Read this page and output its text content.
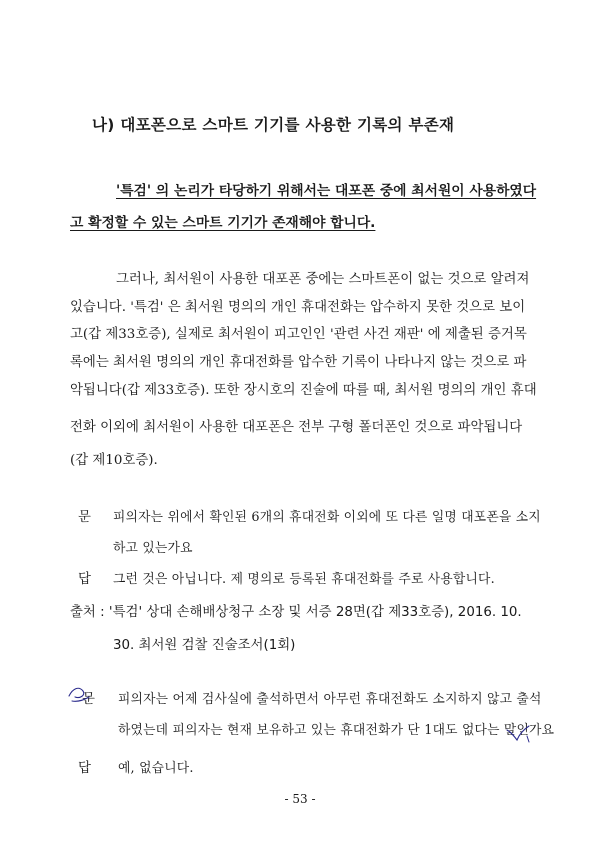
나) 대포폰으로 스마트 기기를 사용한 기록의 부존재
'특검' 의 논리가 타당하기 위해서는 대포폰 중에 최서원이 사용하였다
고 확정할 수 있는 스마트 기기가 존재해야 합니다.
그러나, 최서원이 사용한 대포폰 중에는 스마트폰이 없는 것으로 알려져
있습니다. '특검' 은 최서원 명의의 개인 휴대전화는 압수하지 못한 것으로 보이
고(갑 제33호증), 실제로 최서원이 피고인인 '관련 사건 재판' 에 제출된 증거목
록에는 최서원 명의의 개인 휴대전화를 압수한 기록이 나타나지 않는 것으로 파
악됩니다(갑 제33호증). 또한 장시호의 진술에 따를 때, 최서원 명의의 개인 휴대
전화 이외에 최서원이 사용한 대포폰은 전부 구형 폴더폰인 것으로 파악됩니다
(갑 제10호증).
문 피의자는 위에서 확인된 6개의 휴대전화 이외에 또 다른 일명 대포폰을 소지
하고 있는가요
답 그런 것은 아닙니다. 제 명의로 등록된 휴대전화를 주로 사용합니다.
출처 : '특검' 상대 손해배상청구 소장 및 서증 28면(갑 제33호증), 2016. 10.
30. 최서원 검찰 진술조서(1회)
문 피의자는 어제 검사실에 출석하면서 아무런 휴대전화도 소지하지 않고 출석
하였는데 피의자는 현재 보유하고 있는 휴대전화가 단 1대도 없다는 말인가요
답 예, 없습니다.
- 53 -
